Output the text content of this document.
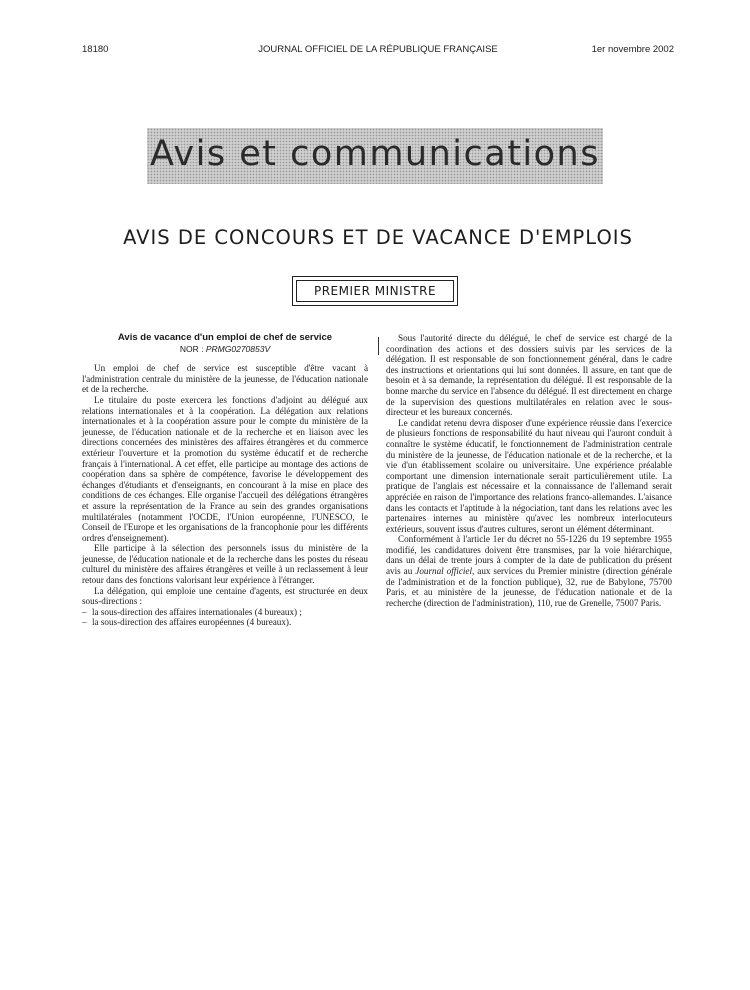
18180	JOURNAL OFFICIEL DE LA RÉPUBLIQUE FRANÇAISE	1er novembre 2002
Avis et communications
AVIS DE CONCOURS ET DE VACANCE D'EMPLOIS
PREMIER MINISTRE

Avis de vacance d'un emploi de chef de service

NOR : PRMG0270853V

Un emploi de chef de service est susceptible d'être vacant à l'administration centrale du ministère de la jeunesse, de l'éducation nationale et de la recherche.

Le titulaire du poste exercera les fonctions d'adjoint au délégué aux relations internationales et à la coopération. La délégation aux relations internationales et à la coopération assure pour le compte du ministère de la jeunesse, de l'éducation nationale et de la recherche et en liaison avec les directions concernées des ministères des affaires étrangères et du commerce extérieur l'ouverture et la promotion du système éducatif et de recherche français à l'international. A cet effet, elle participe au montage des actions de coopération dans sa sphère de compétence, favorise le développement des échanges d'étudiants et d'enseignants, en concourant à la mise en place des conditions de ces échanges. Elle organise l'accueil des délégations étrangères et assure la représentation de la France au sein des grandes organisations multilatérales (notamment l'OCDE, l'Union européenne, l'UNESCO, le Conseil de l'Europe et les organisations de la francophonie pour les différents ordres d'enseignement).

Elle participe à la sélection des personnels issus du ministère de la jeunesse, de l'éducation nationale et de la recherche dans les postes du réseau culturel du ministère des affaires étrangères et veille à un reclassement à leur retour dans des fonctions valorisant leur expérience à l'étranger.

La délégation, qui emploie une centaine d'agents, est structurée en deux sous-directions :

– la sous-direction des affaires internationales (4 bureaux) ;

– la sous-direction des affaires européennes (4 bureaux).

Sous l'autorité directe du délégué, le chef de service est chargé de la coordination des actions et des dossiers suivis par les services de la délégation. Il est responsable de son fonctionnement général, dans le cadre des instructions et orientations qui lui sont données. Il assure, en tant que de besoin et à sa demande, la représentation du délégué. Il est responsable de la bonne marche du service en l'absence du délégué. Il est directement en charge de la supervision des questions multilatérales en relation avec le sous-directeur et les bureaux concernés.

Le candidat retenu devra disposer d'une expérience réussie dans l'exercice de plusieurs fonctions de responsabilité du haut niveau qui l'auront conduit à connaître le système éducatif, le fonctionnement de l'administration centrale du ministère de la jeunesse, de l'éducation nationale et de la recherche, et la vie d'un établissement scolaire ou universitaire. Une expérience préalable comportant une dimension internationale serait particulièrement utile. La pratique de l'anglais est nécessaire et la connaissance de l'allemand serait appréciée en raison de l'importance des relations franco-allemandes. L'aisance dans les contacts et l'aptitude à la négociation, tant dans les relations avec les partenaires internes au ministère qu'avec les nombreux interlocuteurs extérieurs, souvent issus d'autres cultures, seront un élément déterminant.

Conformément à l'article 1er du décret no 55-1226 du 19 septembre 1955 modifié, les candidatures doivent être transmises, par la voie hiérarchique, dans un délai de trente jours à compter de la date de publication du présent avis au Journal officiel, aux services du Premier ministre (direction générale de l'administration et de la fonction publique), 32, rue de Babylone, 75700 Paris, et au ministère de la jeunesse, de l'éducation nationale et de la recherche (direction de l'administration), 110, rue de Grenelle, 75007 Paris.
